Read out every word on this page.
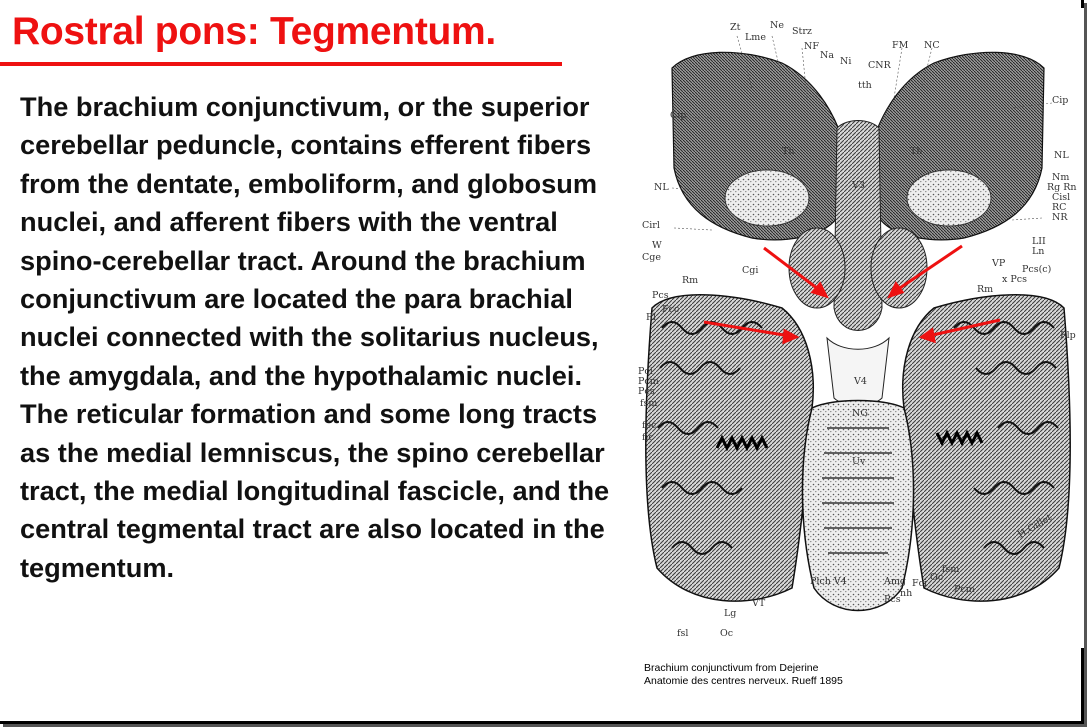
Rostral pons: Tegmentum.
The brachium conjunctivum, or the superior cerebellar peduncle, contains efferent fibers from the dentate, emboliform, and globosum nuclei, and afferent fibers with the ventral spino-cerebellar tract. Around the brachium conjunctivum are located the para brachial nuclei connected with the solitarius nucleus, the amygdala, and the hypothalamic nuclei. The reticular formation and some long tracts as the medial lemniscus, the spino cerebellar tract, the medial longitudinal fascicle, and the central tegmental tract are also located in the tegmentum.
Zt
Lme
Ne
Strz
NF
Na
Ni
FM NC
CNR
tth
Cip
Cip
Th	Th
V3
NL
NL
Nm
Rg Rn
Cisl
RC
NR
Cirl
W
Cge
Cgi
LII
Ln
VP
Pcs(c)
Rm
Rm
x Pcs
Pcs
Fcc
Rl
Flp
V4
Pci
Pcm
Pcs
fsm
fec
fic
NG
Uv
H.Gillet
Plch V4	Amg Fci
Oc
fsm
nh
Pcs
Pcm
VT
Lg
fsl	Oc
Brachium conjunctivum from Dejerine
Anatomie des centres nerveux. Rueff 1895
